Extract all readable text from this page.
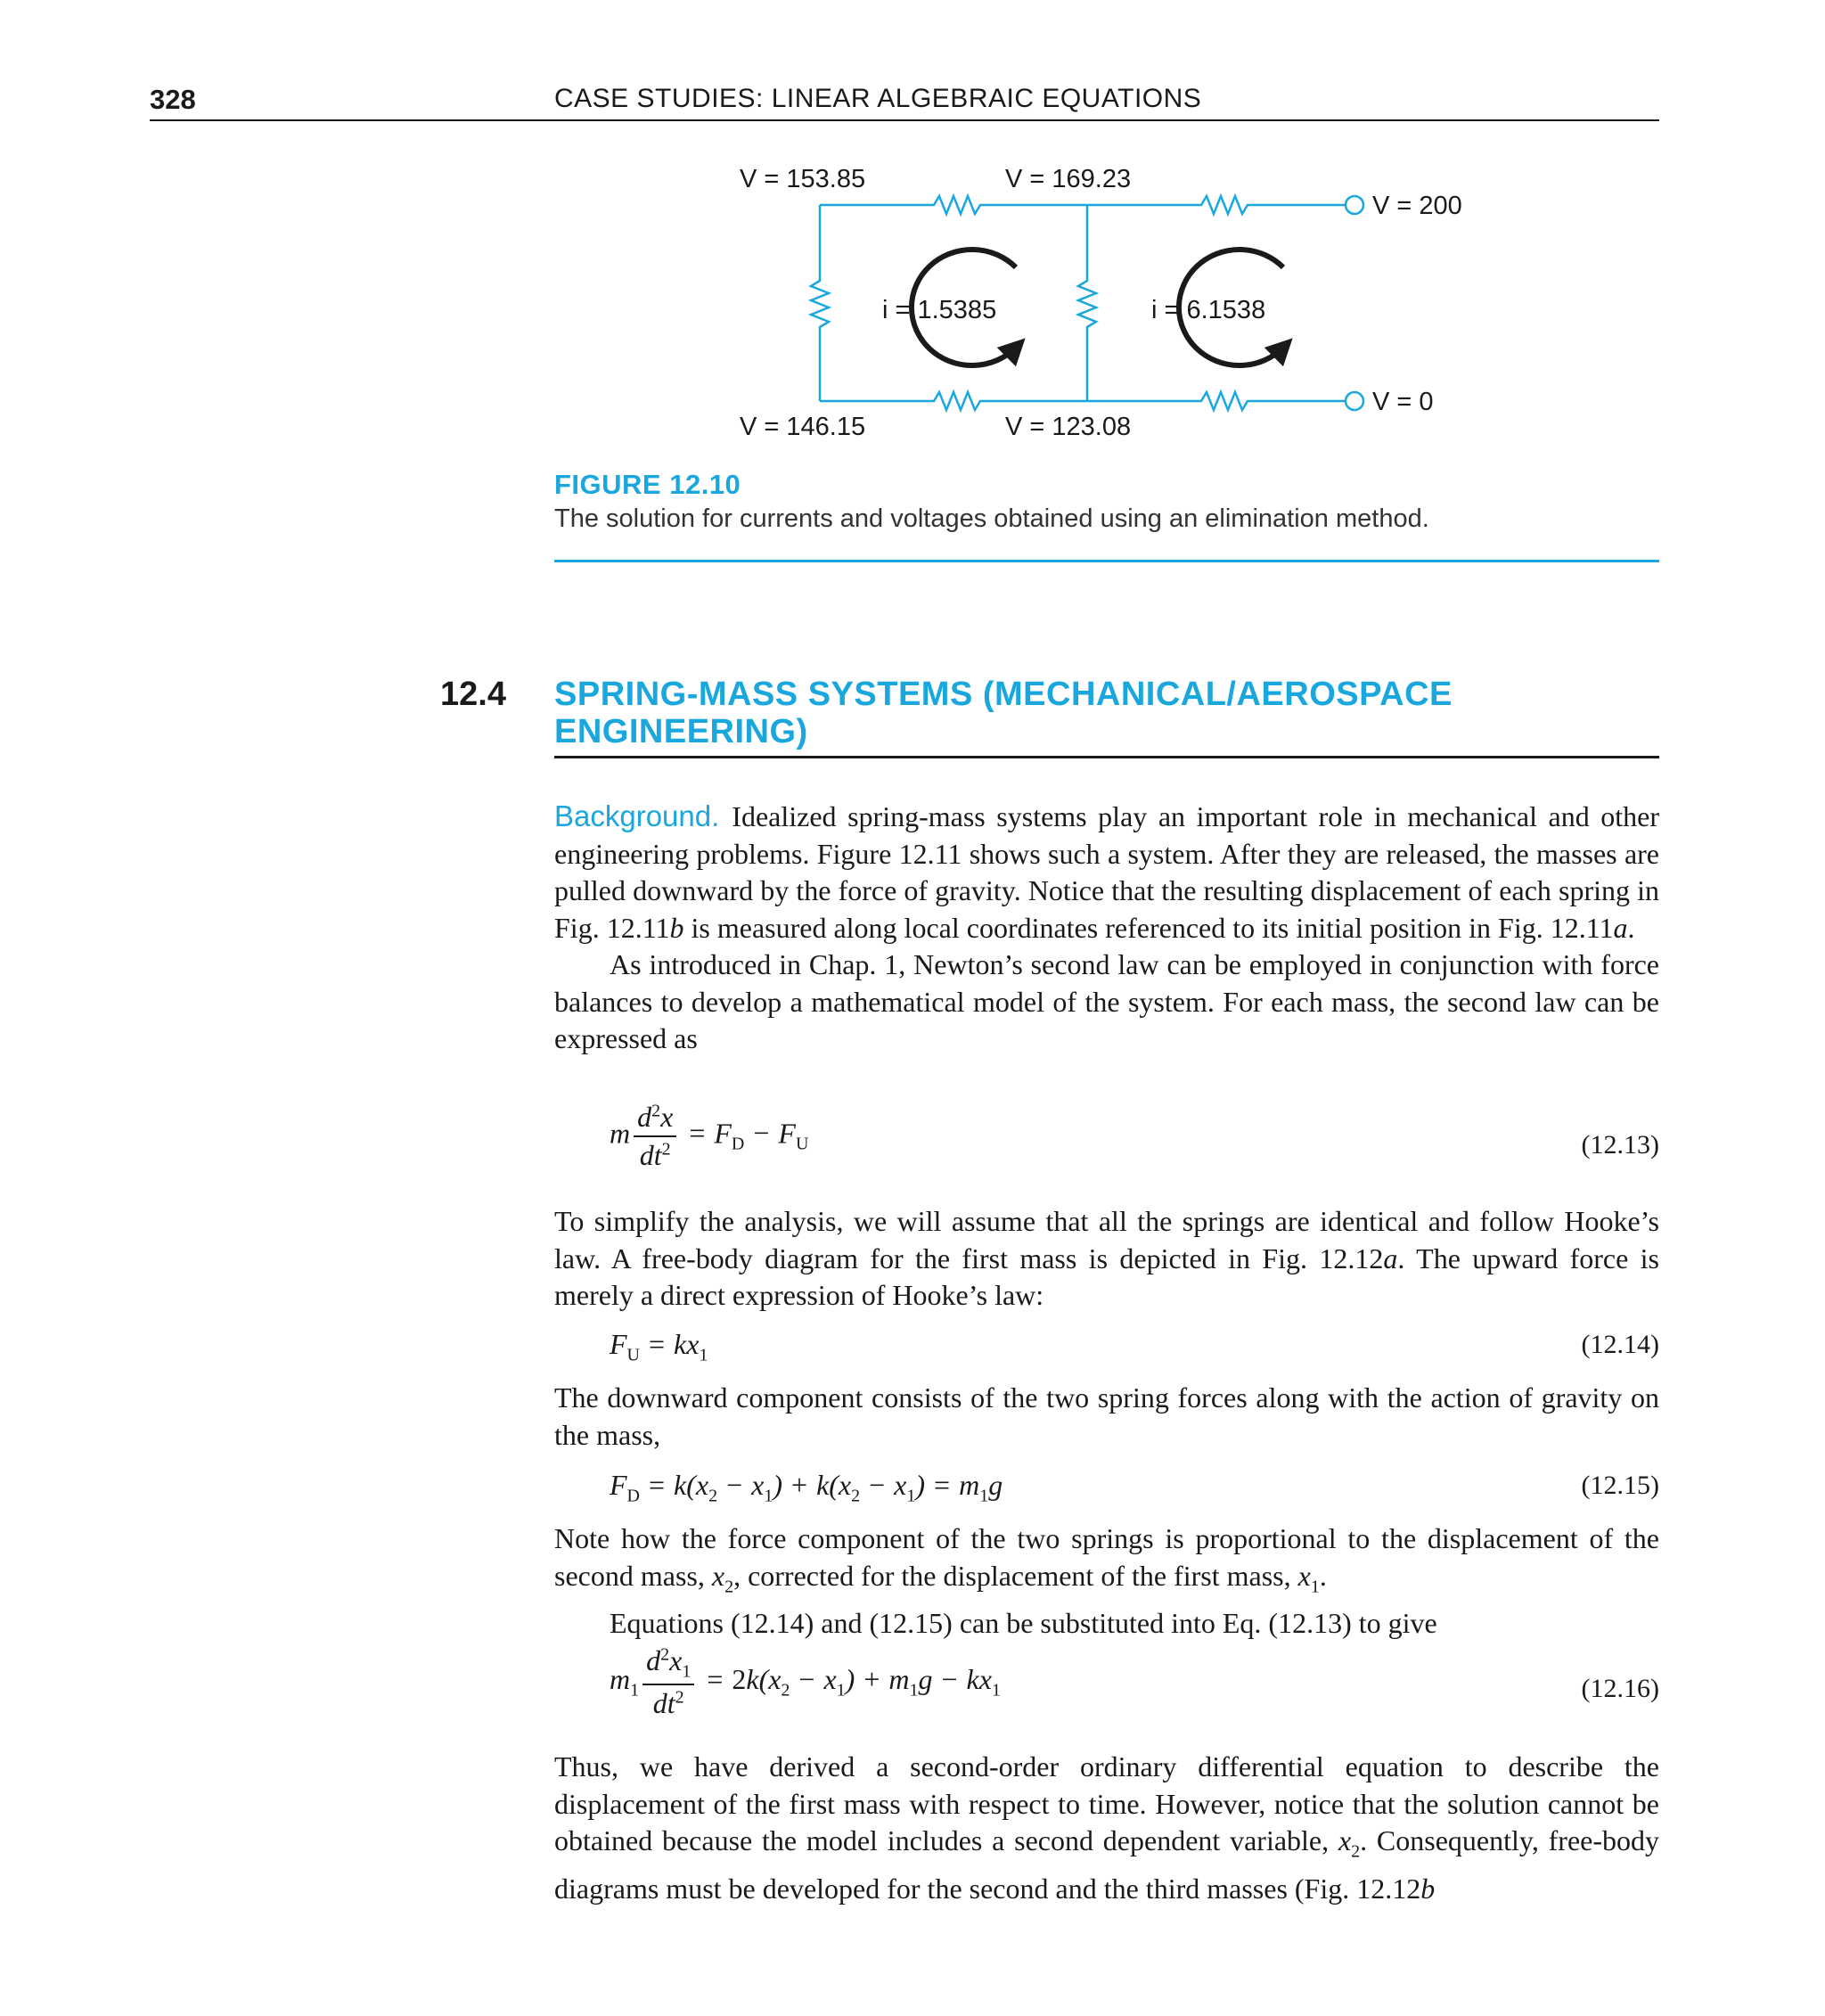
328	CASE STUDIES: LINEAR ALGEBRAIC EQUATIONS
V = 153.85	V = 169.23
V = 200
i = 1.5385	i = 6.1538
V = 0
V = 146.15	V = 123.08
FIGURE 12.10
The solution for currents and voltages obtained using an elimination method.
12.4 SPRING-MASS SYSTEMS (MECHANICAL/AEROSPACE
ENGINEERING)

Background. Idealized spring-mass systems play an important role in mechanical and other engineering problems. Figure 12.11 shows such a system. After they are released, the masses are pulled downward by the force of gravity. Notice that the resulting displacement of each spring in Fig. 12.11b is measured along local coordinates referenced to its initial position in Fig. 12.11a.

As introduced in Chap. 1, Newton’s second law can be employed in conjunction with force balances to develop a mathematical model of the system. For each mass, the second law can be expressed as

m $\frac{d^2x}{dt^2} = F_D - F_U$	(12.13)

To simplify the analysis, we will assume that all the springs are identical and follow Hooke’s law. A free-body diagram for the first mass is depicted in Fig. 12.12a. The upward force is merely a direct expression of Hooke’s law:

$F_U = kx_1$	(12.14)

The downward component consists of the two spring forces along with the action of gravity on the mass,

$F_D = k(x_2 - x_1) + k(x_2 - x_1) = m_1g$	(12.15)

Note how the force component of the two springs is proportional to the displacement of the second mass, $x_2$, corrected for the displacement of the first mass, $x_1$.

Equations (12.14) and (12.15) can be substituted into Eq. (12.13) to give

$m_1 \frac{d^2x_1}{dt^2} = 2k(x_2 - x_1) + m_1g - kx_1$	(12.16)

Thus, we have derived a second-order ordinary differential equation to describe the displacement of the first mass with respect to time. However, notice that the solution cannot be obtained because the model includes a second dependent variable, $x_2$. Consequently, free-body diagrams must be developed for the second and the third masses (Fig. 12.12b
